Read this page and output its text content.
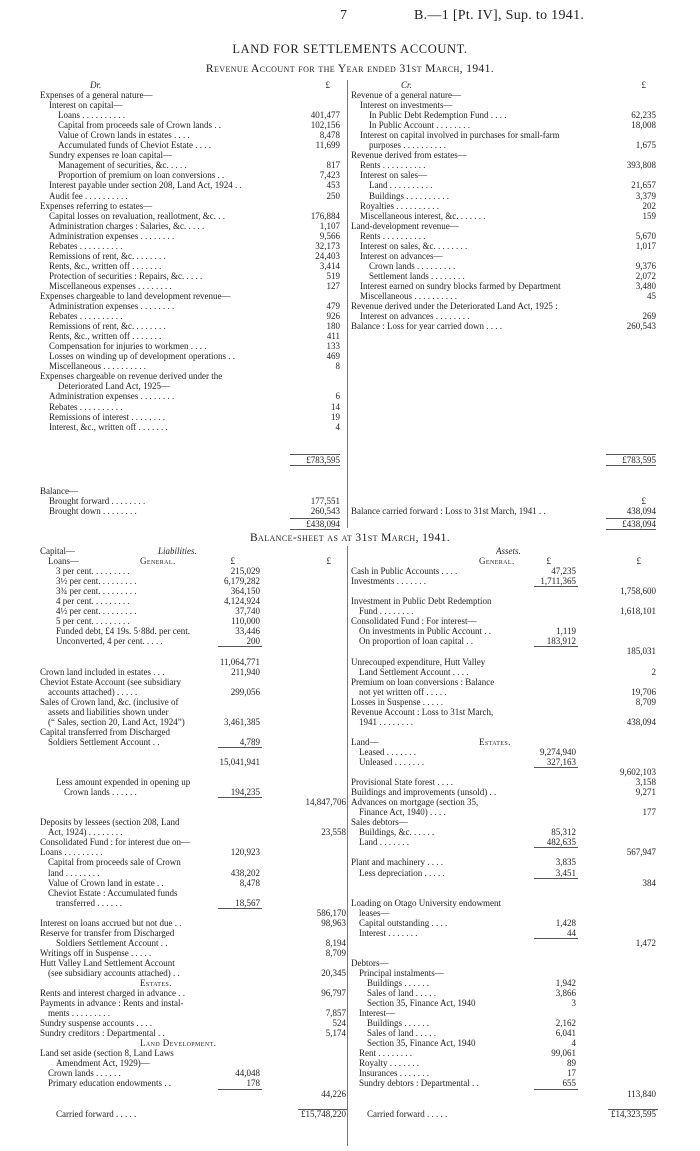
7	B.—1 [Pt. IV], Sup. to 1941.
LAND FOR SETTLEMENTS ACCOUNT.
Revenue Account for the Year ended 31st March, 1941.
Dr.	£
Expenses of a general nature—
Interest on capital—
Loans . . . . . . . . . .	401,477
Capital from proceeds sale of Crown lands . .	102,156
Value of Crown lands in estates . . . .	8,478
Accumulated funds of Cheviot Estate . . . .	11,699
Sundry expenses re loan capital—
Management of securities, &c. . . . .	817
Proportion of premium on loan conversions . .	7,423
Interest payable under section 208, Land Act, 1924 . .	453
Audit fee . . . . . . . . . .	250
Expenses referring to estates—
Capital losses on revaluation, reallotment, &c. . .	176,884
Administration charges : Salaries, &c. . . . .	1,107
Administration expenses . . . . . . . .	9,566
Rebates . . . . . . . . . .	32,173
Remissions of rent, &c. . . . . . . .	24,403
Rents, &c., written off . . . . . . .	3,414
Protection of securities : Repairs, &c. . . . .	519
Miscellaneous expenses . . . . . . . .	127
Expenses chargeable to land development revenue—
Administration expenses . . . . . . . .	479
Rebates . . . . . . . . . .	926
Remissions of rent, &c. . . . . . . .	180
Rents, &c., written off . . . . . . .	411
Compensation for injuries to workmen . . . .	133
Losses on winding up of development operations . .	469
Miscellaneous . . . . . . . . . .	8
Expenses chargeable on revenue derived under the
Deteriorated Land Act, 1925—
Administration expenses . . . . . . . .	6
Rebates . . . . . . . . . .	14
Remissions of interest . . . . . . . .	19
Interest, &c., written off . . . . . . .	4
£783,595
Balance—
Brought forward . . . . . . . .	177,551
Brought down . . . . . . . .	260,543
£438,094
Cr.	£
Revenue of a general nature—
Interest on investments—
In Public Debt Redemption Fund . . . .	62,235
In Public Account . . . . . . . .	18,008
Interest on capital involved in purchases for small-farm
purposes . . . . . . . . . .	1,675
Revenue derived from estates—
Rents . . . . . . . . . .	393,808
Interest on sales—
Land . . . . . . . . . .	21,657
Buildings . . . . . . . . . .	3,379
Royalties . . . . . . . . . .	202
Miscellaneous interest, &c. . . . . . .	159
Land-development revenue—
Rents . . . . . . . . . .	5,670
Interest on sales, &c. . . . . . . .	1,017
Interest on advances—
Crown lands . . . . . . . . .	9,376
Settlement lands . . . . . . . .	2,072
Interest earned on sundry blocks farmed by Department	3,480
Miscellaneous . . . . . . . . . .	45
Revenue derived under the Deteriorated Land Act, 1925 :
Interest on advances . . . . . . . .	269
Balance : Loss for year carried down . . . .	260,543
£783,595
£
Balance carried forward : Loss to 31st March, 1941 . .	438,094
£438,094
Balance-sheet as at 31st March, 1941.
Capital—	Liabilities.
Loans—	General.	£	£
3 per cent. . . . . . . . .	215,029
3½ per cent. . . . . . . . .	6,179,282
3¾ per cent. . . . . . . . .	364,150
4 per cent. . . . . . . . .	4,124,924
4½ per cent. . . . . . . . .	37,740
5 per cent. . . . . . . . .	110,000
Funded debt, £4 19s. 5·88d. per cent.	33,446
Unconverted, 4 per cent. . . . .	200
11,064,771
Crown land included in estates . . .	211,940
Cheviot Estate Account (see subsidiary
accounts attached) . . . . .	299,056
Sales of Crown land, &c. (inclusive of
assets and liabilities shown under
(“ Sales, section 20, Land Act, 1924”)	3,461,385
Capital transferred from Discharged
Soldiers Settlement Account . .	4,789
15,041,941
Less amount expended in opening up
Crown lands . . . . . .	194,235
14,847,706
Deposits by lessees (section 208, Land
Act, 1924) . . . . . . . .	23,558
Consolidated Fund : for interest due on—
Loans . . . . . . . . .	120,923
Capital from proceeds sale of Crown
land . . . . . . . .	438,202
Value of Crown land in estate . .	8,478
Cheviot Estate : Accumulated funds
transferred . . . . . .	18,567
586,170
Interest on loans accrued but not due . .	98,963
Reserve for transfer from Discharged
Soldiers Settlement Account . .	8,194
Writings off in Suspense . . . . .	8,709
Hutt Valley Land Settlement Account
(see subsidiary accounts attached) . .	20,345
Estates.
Rents and interest charged in advance . .	96,797
Payments in advance : Rents and instal-
ments . . . . . . . . .	7,857
Sundry suspense accounts . . . .	524
Sundry creditors : Departmental . .	5,174
Land Development.
Land set aside (section 8, Land Laws
Amendment Act, 1929)—
Crown lands . . . . . .	44,048
Primary education endowments . .	178
44,226
Carried forward . . . . .	£15,748,220
Assets.
General.	£	£
Cash in Public Accounts . . . .	47,235
Investments . . . . . . .	1,711,365
1,758,600
Investment in Public Debt Redemption
Fund . . . . . . . .	1,618,101
Consolidated Fund : For interest—
On investments in Public Account . .	1,119
On proportion of loan capital . .	183,912
185,031
Unrecouped expenditure, Hutt Valley
Land Settlement Account . . . .	2
Premium on loan conversions : Balance
not yet written off . . . . .	19,706
Losses in Suspense . . . . .	8,709
Revenue Account : Loss to 31st March,
1941 . . . . . . . .	438,094
Land—	Estates.
Leased . . . . . . .	9,274,940
Unleased . . . . . . .	327,163
9,602,103
Provisional State forest . . . .	3,158
Buildings and improvements (unsold) . .	9,271
Advances on mortgage (section 35,
Finance Act, 1940) . . . .	177
Sales debtors—
Buildings, &c. . . . . .	85,312
Land . . . . . . .	482,635
567,947
Plant and machinery . . . .	3,835
Less depreciation . . . . .	3,451
384
Loading on Otago University endowment
leases—
Capital outstanding . . . .	1,428
Interest . . . . . . .	44
1,472
Debtors—
Principal instalments—
Buildings . . . . . .	1,942
Sales of land . . . . .	3,866
Section 35, Finance Act, 1940	3
Interest—
Buildings . . . . . .	2,162
Sales of land . . . . .	6,041
Section 35, Finance Act, 1940	4
Rent . . . . . . . .	99,061
Royalty . . . . . . .	89
Insurances . . . . . . .	17
Sundry debtors : Departmental . .	655
113,840
Carried forward . . . . .	£14,323,595
